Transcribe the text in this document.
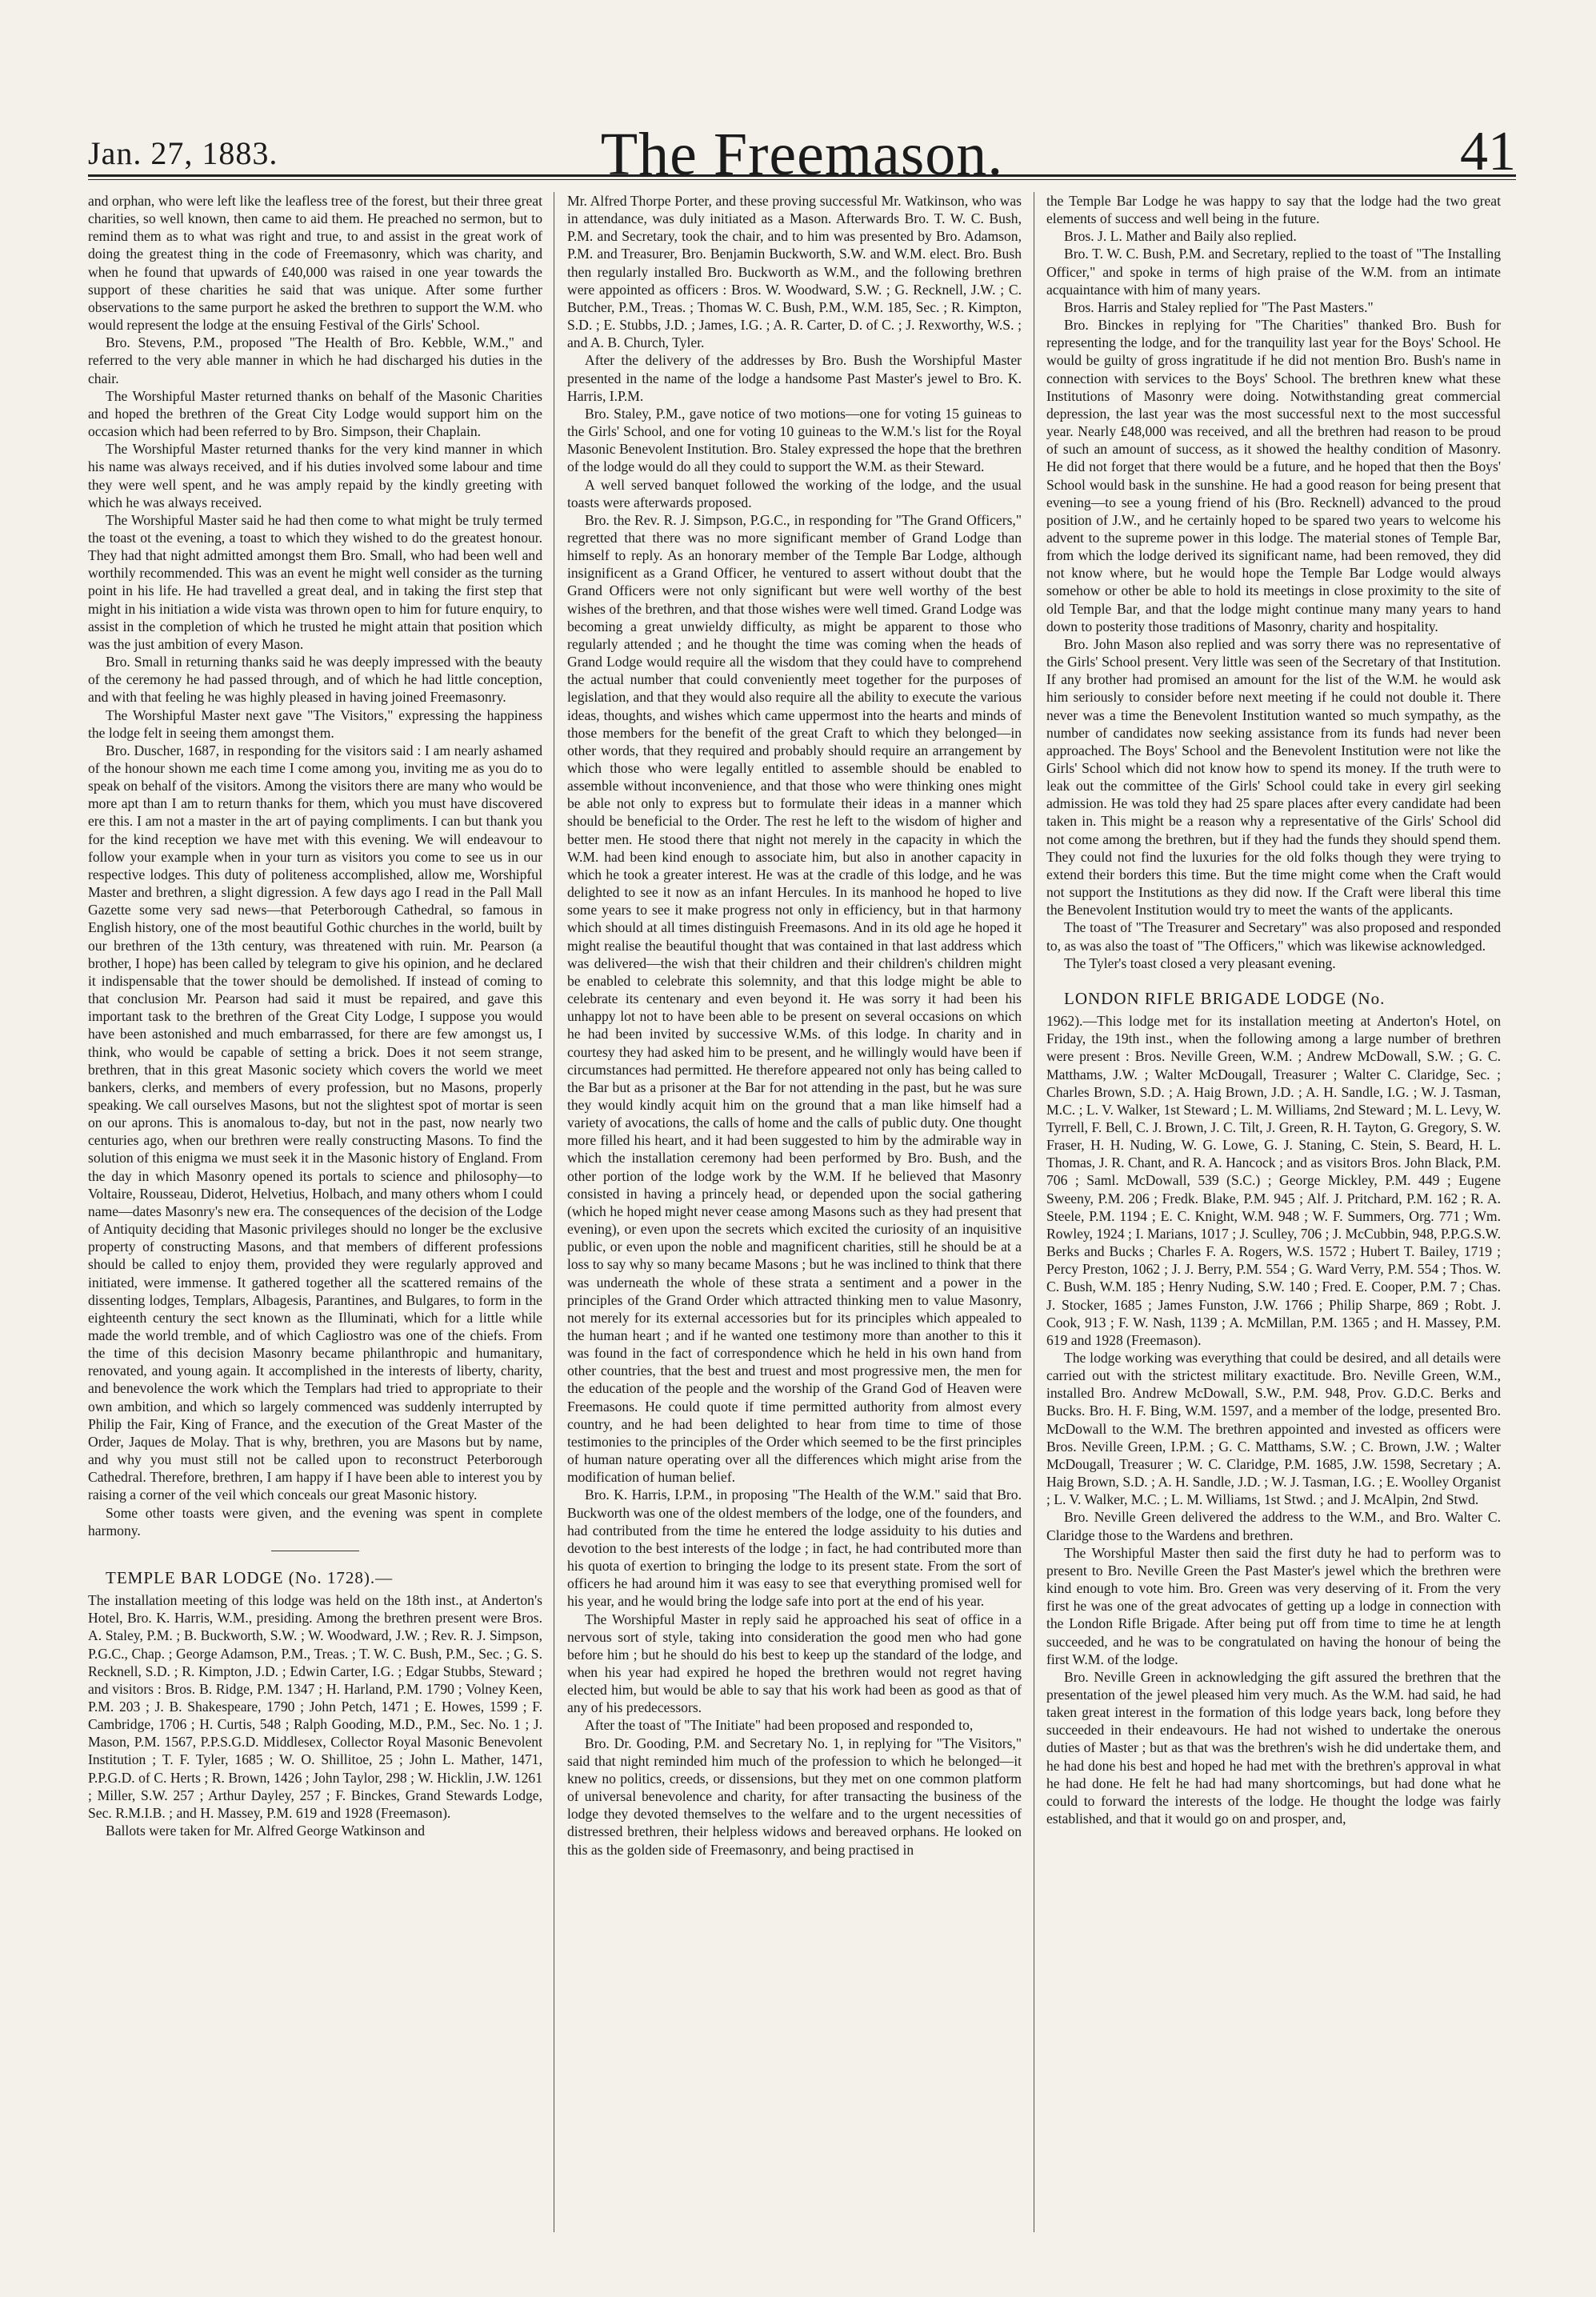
Jan. 27, 1883.	The Freemason.	41

and orphan, who were left like the leafless tree of the forest, but their three great charities, so well known, then came to aid them. He preached no sermon, but to remind them as to what was right and true, to and assist in the great work of doing the greatest thing in the code of Freemasonry, which was charity, and when he found that upwards of £40,000 was raised in one year towards the support of these charities he said that was unique. After some further observations to the same purport he asked the brethren to support the W.M. who would represent the lodge at the ensuing Festival of the Girls' School.

Bro. Stevens, P.M., proposed "The Health of Bro. Kebble, W.M.," and referred to the very able manner in which he had discharged his duties in the chair.

The Worshipful Master returned thanks on behalf of the Masonic Charities and hoped the brethren of the Great City Lodge would support him on the occasion which had been referred to by Bro. Simpson, their Chaplain.

The Worshipful Master returned thanks for the very kind manner in which his name was always received, and if his duties involved some labour and time they were well spent, and he was amply repaid by the kindly greeting with which he was always received.

The Worshipful Master said he had then come to what might be truly termed the toast ot the evening, a toast to which they wished to do the greatest honour. They had that night admitted amongst them Bro. Small, who had been well and worthily recommended. This was an event he might well consider as the turning point in his life. He had travelled a great deal, and in taking the first step that might in his initiation a wide vista was thrown open to him for future enquiry, to assist in the completion of which he trusted he might attain that position which was the just ambition of every Mason.

Bro. Small in returning thanks said he was deeply impressed with the beauty of the ceremony he had passed through, and of which he had little conception, and with that feeling he was highly pleased in having joined Freemasonry.

The Worshipful Master next gave "The Visitors," expressing the happiness the lodge felt in seeing them amongst them.

Bro. Duscher, 1687, in responding for the visitors said : I am nearly ashamed of the honour shown me each time I come among you, inviting me as you do to speak on behalf of the visitors. Among the visitors there are many who would be more apt than I am to return thanks for them, which you must have discovered ere this. I am not a master in the art of paying compliments. I can but thank you for the kind reception we have met with this evening. We will endeavour to follow your example when in your turn as visitors you come to see us in our respective lodges. This duty of politeness accomplished, allow me, Worshipful Master and brethren, a slight digression. A few days ago I read in the Pall Mall Gazette some very sad news—that Peterborough Cathedral, so famous in English history, one of the most beautiful Gothic churches in the world, built by our brethren of the 13th century, was threatened with ruin. Mr. Pearson (a brother, I hope) has been called by telegram to give his opinion, and he declared it indispensable that the tower should be demolished. If instead of coming to that conclusion Mr. Pearson had said it must be repaired, and gave this important task to the brethren of the Great City Lodge, I suppose you would have been astonished and much embarrassed, for there are few amongst us, I think, who would be capable of setting a brick. Does it not seem strange, brethren, that in this great Masonic society which covers the world we meet bankers, clerks, and members of every profession, but no Masons, properly speaking. We call ourselves Masons, but not the slightest spot of mortar is seen on our aprons. This is anomalous to-day, but not in the past, now nearly two centuries ago, when our brethren were really constructing Masons. To find the solution of this enigma we must seek it in the Masonic history of England. From the day in which Masonry opened its portals to science and philosophy—to Voltaire, Rousseau, Diderot, Helvetius, Holbach, and many others whom I could name—dates Masonry's new era. The consequences of the decision of the Lodge of Antiquity deciding that Masonic privileges should no longer be the exclusive property of constructing Masons, and that members of different professions should be called to enjoy them, provided they were regularly approved and initiated, were immense. It gathered together all the scattered remains of the dissenting lodges, Templars, Albagesis, Parantines, and Bulgares, to form in the eighteenth century the sect known as the Illuminati, which for a little while made the world tremble, and of which Cagliostro was one of the chiefs. From the time of this decision Masonry became philanthropic and humanitary, renovated, and young again. It accomplished in the interests of liberty, charity, and benevolence the work which the Templars had tried to appropriate to their own ambition, and which so largely commenced was suddenly interrupted by Philip the Fair, King of France, and the execution of the Great Master of the Order, Jaques de Molay. That is why, brethren, you are Masons but by name, and why you must still not be called upon to reconstruct Peterborough Cathedral. Therefore, brethren, I am happy if I have been able to interest you by raising a corner of the veil which conceals our great Masonic history.

Some other toasts were given, and the evening was spent in complete harmony.

TEMPLE BAR LODGE (No. 1728).—

The installation meeting of this lodge was held on the 18th inst., at Anderton's Hotel, Bro. K. Harris, W.M., presiding. Among the brethren present were Bros. A. Staley, P.M. ; B. Buckworth, S.W. ; W. Woodward, J.W. ; Rev. R. J. Simpson, P.G.C., Chap. ; George Adamson, P.M., Treas. ; T. W. C. Bush, P.M., Sec. ; G. S. Recknell, S.D. ; R. Kimpton, J.D. ; Edwin Carter, I.G. ; Edgar Stubbs, Steward ; and visitors : Bros. B. Ridge, P.M. 1347 ; H. Harland, P.M. 1790 ; Volney Keen, P.M. 203 ; J. B. Shakespeare, 1790 ; John Petch, 1471 ; E. Howes, 1599 ; F. Cambridge, 1706 ; H. Curtis, 548 ; Ralph Gooding, M.D., P.M., Sec. No. 1 ; J. Mason, P.M. 1567, P.P.S.G.D. Middlesex, Collector Royal Masonic Benevolent Institution ; T. F. Tyler, 1685 ; W. O. Shillitoe, 25 ; John L. Mather, 1471, P.P.G.D. of C. Herts ; R. Brown, 1426 ; John Taylor, 298 ; W. Hicklin, J.W. 1261 ; Miller, S.W. 257 ; Arthur Dayley, 257 ; F. Binckes, Grand Stewards Lodge, Sec. R.M.I.B. ; and H. Massey, P.M. 619 and 1928 (Freemason).

Ballots were taken for Mr. Alfred George Watkinson and

Mr. Alfred Thorpe Porter, and these proving successful Mr. Watkinson, who was in attendance, was duly initiated as a Mason. Afterwards Bro. T. W. C. Bush, P.M. and Secretary, took the chair, and to him was presented by Bro. Adamson, P.M. and Treasurer, Bro. Benjamin Buckworth, S.W. and W.M. elect. Bro. Bush then regularly installed Bro. Buckworth as W.M., and the following brethren were appointed as officers : Bros. W. Woodward, S.W. ; G. Recknell, J.W. ; C. Butcher, P.M., Treas. ; Thomas W. C. Bush, P.M., W.M. 185, Sec. ; R. Kimpton, S.D. ; E. Stubbs, J.D. ; James, I.G. ; A. R. Carter, D. of C. ; J. Rexworthy, W.S. ; and A. B. Church, Tyler.

After the delivery of the addresses by Bro. Bush the Worshipful Master presented in the name of the lodge a handsome Past Master's jewel to Bro. K. Harris, I.P.M.

Bro. Staley, P.M., gave notice of two motions—one for voting 15 guineas to the Girls' School, and one for voting 10 guineas to the W.M.'s list for the Royal Masonic Benevolent Institution. Bro. Staley expressed the hope that the brethren of the lodge would do all they could to support the W.M. as their Steward.

A well served banquet followed the working of the lodge, and the usual toasts were afterwards proposed.

Bro. the Rev. R. J. Simpson, P.G.C., in responding for "The Grand Officers," regretted that there was no more significant member of Grand Lodge than himself to reply. As an honorary member of the Temple Bar Lodge, although insignificent as a Grand Officer, he ventured to assert without doubt that the Grand Officers were not only significant but were well worthy of the best wishes of the brethren, and that those wishes were well timed. Grand Lodge was becoming a great unwieldy difficulty, as might be apparent to those who regularly attended ; and he thought the time was coming when the heads of Grand Lodge would require all the wisdom that they could have to comprehend the actual number that could conveniently meet together for the purposes of legislation, and that they would also require all the ability to execute the various ideas, thoughts, and wishes which came uppermost into the hearts and minds of those members for the benefit of the great Craft to which they belonged—in other words, that they required and probably should require an arrangement by which those who were legally entitled to assemble should be enabled to assemble without inconvenience, and that those who were thinking ones might be able not only to express but to formulate their ideas in a manner which should be beneficial to the Order. The rest he left to the wisdom of higher and better men. He stood there that night not merely in the capacity in which the W.M. had been kind enough to associate him, but also in another capacity in which he took a greater interest. He was at the cradle of this lodge, and he was delighted to see it now as an infant Hercules. In its manhood he hoped to live some years to see it make progress not only in efficiency, but in that harmony which should at all times distinguish Freemasons. And in its old age he hoped it might realise the beautiful thought that was contained in that last address which was delivered—the wish that their children and their children's children might be enabled to celebrate this solemnity, and that this lodge might be able to celebrate its centenary and even beyond it. He was sorry it had been his unhappy lot not to have been able to be present on several occasions on which he had been invited by successive W.Ms. of this lodge. In charity and in courtesy they had asked him to be present, and he willingly would have been if circumstances had permitted. He therefore appeared not only has being called to the Bar but as a prisoner at the Bar for not attending in the past, but he was sure they would kindly acquit him on the ground that a man like himself had a variety of avocations, the calls of home and the calls of public duty. One thought more filled his heart, and it had been suggested to him by the admirable way in which the installation ceremony had been performed by Bro. Bush, and the other portion of the lodge work by the W.M. If he believed that Masonry consisted in having a princely head, or depended upon the social gathering (which he hoped might never cease among Masons such as they had present that evening), or even upon the secrets which excited the curiosity of an inquisitive public, or even upon the noble and magnificent charities, still he should be at a loss to say why so many became Masons ; but he was inclined to think that there was underneath the whole of these strata a sentiment and a power in the principles of the Grand Order which attracted thinking men to value Masonry, not merely for its external accessories but for its principles which appealed to the human heart ; and if he wanted one testimony more than another to this it was found in the fact of correspondence which he held in his own hand from other countries, that the best and truest and most progressive men, the men for the education of the people and the worship of the Grand God of Heaven were Freemasons. He could quote if time permitted authority from almost every country, and he had been delighted to hear from time to time of those testimonies to the principles of the Order which seemed to be the first principles of human nature operating over all the differences which might arise from the modification of human belief.

Bro. K. Harris, I.P.M., in proposing "The Health of the W.M." said that Bro. Buckworth was one of the oldest members of the lodge, one of the founders, and had contributed from the time he entered the lodge assiduity to his duties and devotion to the best interests of the lodge ; in fact, he had contributed more than his quota of exertion to bringing the lodge to its present state. From the sort of officers he had around him it was easy to see that everything promised well for his year, and he would bring the lodge safe into port at the end of his year.

The Worshipful Master in reply said he approached his seat of office in a nervous sort of style, taking into consideration the good men who had gone before him ; but he should do his best to keep up the standard of the lodge, and when his year had expired he hoped the brethren would not regret having elected him, but would be able to say that his work had been as good as that of any of his predecessors.

After the toast of "The Initiate" had been proposed and responded to,

Bro. Dr. Gooding, P.M. and Secretary No. 1, in replying for "The Visitors," said that night reminded him much of the profession to which he belonged—it knew no politics, creeds, or dissensions, but they met on one common platform of universal benevolence and charity, for after transacting the business of the lodge they devoted themselves to the welfare and to the urgent necessities of distressed brethren, their helpless widows and bereaved orphans. He looked on this as the golden side of Freemasonry, and being practised in

the Temple Bar Lodge he was happy to say that the lodge had the two great elements of success and well being in the future.

Bros. J. L. Mather and Baily also replied.

Bro. T. W. C. Bush, P.M. and Secretary, replied to the toast of "The Installing Officer," and spoke in terms of high praise of the W.M. from an intimate acquaintance with him of many years.

Bros. Harris and Staley replied for "The Past Masters."

Bro. Binckes in replying for "The Charities" thanked Bro. Bush for representing the lodge, and for the tranquility last year for the Boys' School. He would be guilty of gross ingratitude if he did not mention Bro. Bush's name in connection with services to the Boys' School. The brethren knew what these Institutions of Masonry were doing. Notwithstanding great commercial depression, the last year was the most successful next to the most successful year. Nearly £48,000 was received, and all the brethren had reason to be proud of such an amount of success, as it showed the healthy condition of Masonry. He did not forget that there would be a future, and he hoped that then the Boys' School would bask in the sunshine. He had a good reason for being present that evening—to see a young friend of his (Bro. Recknell) advanced to the proud position of J.W., and he certainly hoped to be spared two years to welcome his advent to the supreme power in this lodge. The material stones of Temple Bar, from which the lodge derived its significant name, had been removed, they did not know where, but he would hope the Temple Bar Lodge would always somehow or other be able to hold its meetings in close proximity to the site of old Temple Bar, and that the lodge might continue many many years to hand down to posterity those traditions of Masonry, charity and hospitality.

Bro. John Mason also replied and was sorry there was no representative of the Girls' School present. Very little was seen of the Secretary of that Institution. If any brother had promised an amount for the list of the W.M. he would ask him seriously to consider before next meeting if he could not double it. There never was a time the Benevolent Institution wanted so much sympathy, as the number of candidates now seeking assistance from its funds had never been approached. The Boys' School and the Benevolent Institution were not like the Girls' School which did not know how to spend its money. If the truth were to leak out the committee of the Girls' School could take in every girl seeking admission. He was told they had 25 spare places after every candidate had been taken in. This might be a reason why a representative of the Girls' School did not come among the brethren, but if they had the funds they should spend them. They could not find the luxuries for the old folks though they were trying to extend their borders this time. But the time might come when the Craft would not support the Institutions as they did now. If the Craft were liberal this time the Benevolent Institution would try to meet the wants of the applicants.

The toast of "The Treasurer and Secretary" was also proposed and responded to, as was also the toast of "The Officers," which was likewise acknowledged.

The Tyler's toast closed a very pleasant evening.

LONDON RIFLE BRIGADE LODGE (No.

1962).—This lodge met for its installation meeting at Anderton's Hotel, on Friday, the 19th inst., when the following among a large number of brethren were present : Bros. Neville Green, W.M. ; Andrew McDowall, S.W. ; G. C. Matthams, J.W. ; Walter McDougall, Treasurer ; Walter C. Claridge, Sec. ; Charles Brown, S.D. ; A. Haig Brown, J.D. ; A. H. Sandle, I.G. ; W. J. Tasman, M.C. ; L. V. Walker, 1st Steward ; L. M. Williams, 2nd Steward ; M. L. Levy, W. Tyrrell, F. Bell, C. J. Brown, J. C. Tilt, J. Green, R. H. Tayton, G. Gregory, S. W. Fraser, H. H. Nuding, W. G. Lowe, G. J. Staning, C. Stein, S. Beard, H. L. Thomas, J. R. Chant, and R. A. Hancock ; and as visitors Bros. John Black, P.M. 706 ; Saml. McDowall, 539 (S.C.) ; George Mickley, P.M. 449 ; Eugene Sweeny, P.M. 206 ; Fredk. Blake, P.M. 945 ; Alf. J. Pritchard, P.M. 162 ; R. A. Steele, P.M. 1194 ; E. C. Knight, W.M. 948 ; W. F. Summers, Org. 771 ; Wm. Rowley, 1924 ; I. Marians, 1017 ; J. Sculley, 706 ; J. McCubbin, 948, P.P.G.S.W. Berks and Bucks ; Charles F. A. Rogers, W.S. 1572 ; Hubert T. Bailey, 1719 ; Percy Preston, 1062 ; J. J. Berry, P.M. 554 ; G. Ward Verry, P.M. 554 ; Thos. W. C. Bush, W.M. 185 ; Henry Nuding, S.W. 140 ; Fred. E. Cooper, P.M. 7 ; Chas. J. Stocker, 1685 ; James Funston, J.W. 1766 ; Philip Sharpe, 869 ; Robt. J. Cook, 913 ; F. W. Nash, 1139 ; A. McMillan, P.M. 1365 ; and H. Massey, P.M. 619 and 1928 (Freemason).

The lodge working was everything that could be desired, and all details were carried out with the strictest military exactitude. Bro. Neville Green, W.M., installed Bro. Andrew McDowall, S.W., P.M. 948, Prov. G.D.C. Berks and Bucks. Bro. H. F. Bing, W.M. 1597, and a member of the lodge, presented Bro. McDowall to the W.M. The brethren appointed and invested as officers were Bros. Neville Green, I.P.M. ; G. C. Matthams, S.W. ; C. Brown, J.W. ; Walter McDougall, Treasurer ; W. C. Claridge, P.M. 1685, J.W. 1598, Secretary ; A. Haig Brown, S.D. ; A. H. Sandle, J.D. ; W. J. Tasman, I.G. ; E. Woolley Organist ; L. V. Walker, M.C. ; L. M. Williams, 1st Stwd. ; and J. McAlpin, 2nd Stwd.

Bro. Neville Green delivered the address to the W.M., and Bro. Walter C. Claridge those to the Wardens and brethren.

The Worshipful Master then said the first duty he had to perform was to present to Bro. Neville Green the Past Master's jewel which the brethren were kind enough to vote him. Bro. Green was very deserving of it. From the very first he was one of the great advocates of getting up a lodge in connection with the London Rifle Brigade. After being put off from time to time he at length succeeded, and he was to be congratulated on having the honour of being the first W.M. of the lodge.

Bro. Neville Green in acknowledging the gift assured the brethren that the presentation of the jewel pleased him very much. As the W.M. had said, he had taken great interest in the formation of this lodge years back, long before they succeeded in their endeavours. He had not wished to undertake the onerous duties of Master ; but as that was the brethren's wish he did undertake them, and he had done his best and hoped he had met with the brethren's approval in what he had done. He felt he had had many shortcomings, but had done what he could to forward the interests of the lodge. He thought the lodge was fairly established, and that it would go on and prosper, and,
